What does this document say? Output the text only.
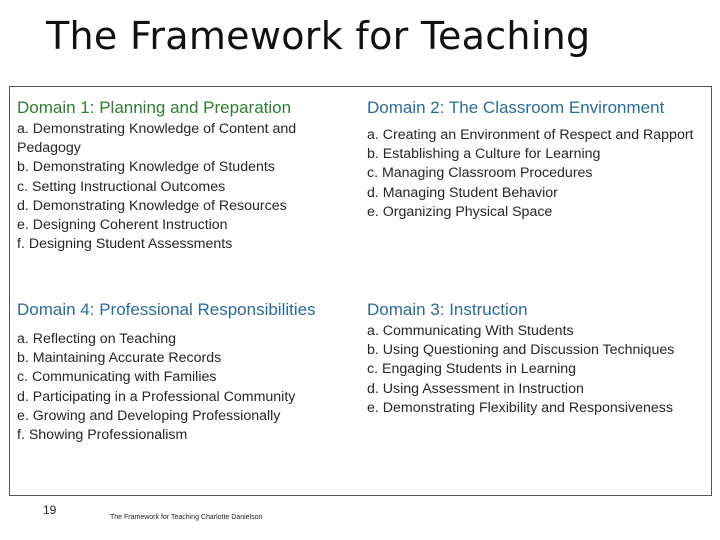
The Framework for Teaching
Domain 1: Planning and Preparation
a. Demonstrating Knowledge of Content and Pedagogy
b. Demonstrating Knowledge of Students
c. Setting Instructional Outcomes
d. Demonstrating Knowledge of Resources
e. Designing Coherent Instruction
f. Designing Student Assessments
Domain 2: The Classroom Environment
a. Creating an Environment of Respect and Rapport
b. Establishing a Culture for Learning
c. Managing Classroom Procedures
d. Managing Student Behavior
e. Organizing Physical Space
Domain 4: Professional Responsibilities
a. Reflecting on Teaching
b. Maintaining Accurate Records
c. Communicating with Families
d. Participating in a Professional Community
e. Growing and Developing Professionally
f. Showing Professionalism
Domain 3: Instruction
a. Communicating With Students
b. Using Questioning and Discussion Techniques
c. Engaging Students in Learning
d. Using Assessment in Instruction
e. Demonstrating Flexibility and Responsiveness
19
The Framework for Teaching Charlotte Danielson
